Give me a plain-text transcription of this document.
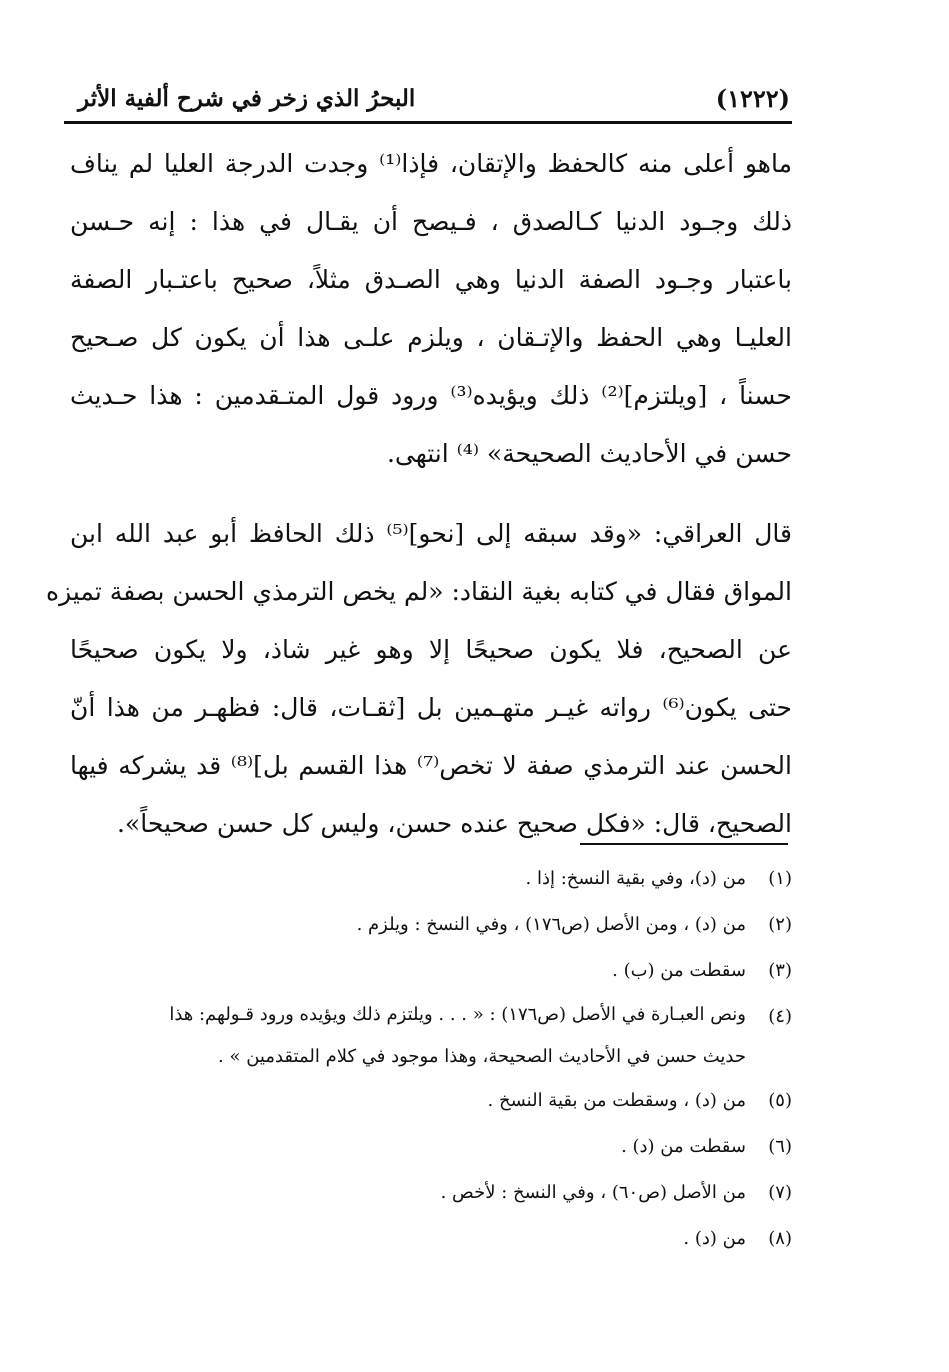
(١٢٢٢)
البحرُ الذي زخر في شرح ألفية الأثر

ماهو أعلى منه كالحفظ والإتقان، فإذا⁽¹⁾ وجدت الدرجة العليا لم يناف
ذلك وجـود الدنيا كـالصدق ، فـيصح أن يقـال في هذا : إنه حـسن
باعتبار وجـود الصفة الدنيا وهي الصـدق مثلاً، صحيح باعتـبار الصفة
العليـا وهي الحفظ والإتـقان ، ويلزم علـى هذا أن يكون كل صـحيح
حسناً ، [ويلتزم]⁽²⁾ ذلك ويؤيده⁽³⁾ ورود قول المتـقدمين : هذا حـديث
حسن في الأحاديث الصحيحة» ⁽⁴⁾ انتهى.

قال العراقي: «وقد سبقه إلى [نحو]⁽⁵⁾ ذلك الحافظ أبو عبد الله ابن
المواق فقال في كتابه بغية النقاد: «لم يخص الترمذي الحسن بصفة تميزه
عن الصحيح، فلا يكون صحيحًا إلا وهو غير شاذ، ولا يكون صحيحًا
حتى يكون⁽⁶⁾ رواته غيـر متهـمين بل [ثقـات، قال: فظهـر من هذا أنّ
الحسن عند الترمذي صفة لا تخص⁽⁷⁾ هذا القسم بل]⁽⁸⁾ قد يشركه فيها
الصحيح، قال: «فكل صحيح عنده حسن، وليس كل حسن صحيحاً».

(١)
من (د)، وفي بقية النسخ: إذا .
(٢)
من (د) ، ومن الأصل (ص١٧٦) ، وفي النسخ : ويلزم .
(٣)
سقطت من (ب) .
(٤)
ونص العبـارة في الأصل (ص١٧٦) : « . . . ويلتزم ذلك ويؤيده ورود قـولهم: هذا
حديث حسن في الأحاديث الصحيحة، وهذا موجود في كلام المتقدمين » .
(٥)
من (د) ، وسقطت من بقية النسخ .
(٦)
سقطت من (د) .
(٧)
من الأصل (ص٦٠) ، وفي النسخ : لأخص .
(٨)
من (د) .
